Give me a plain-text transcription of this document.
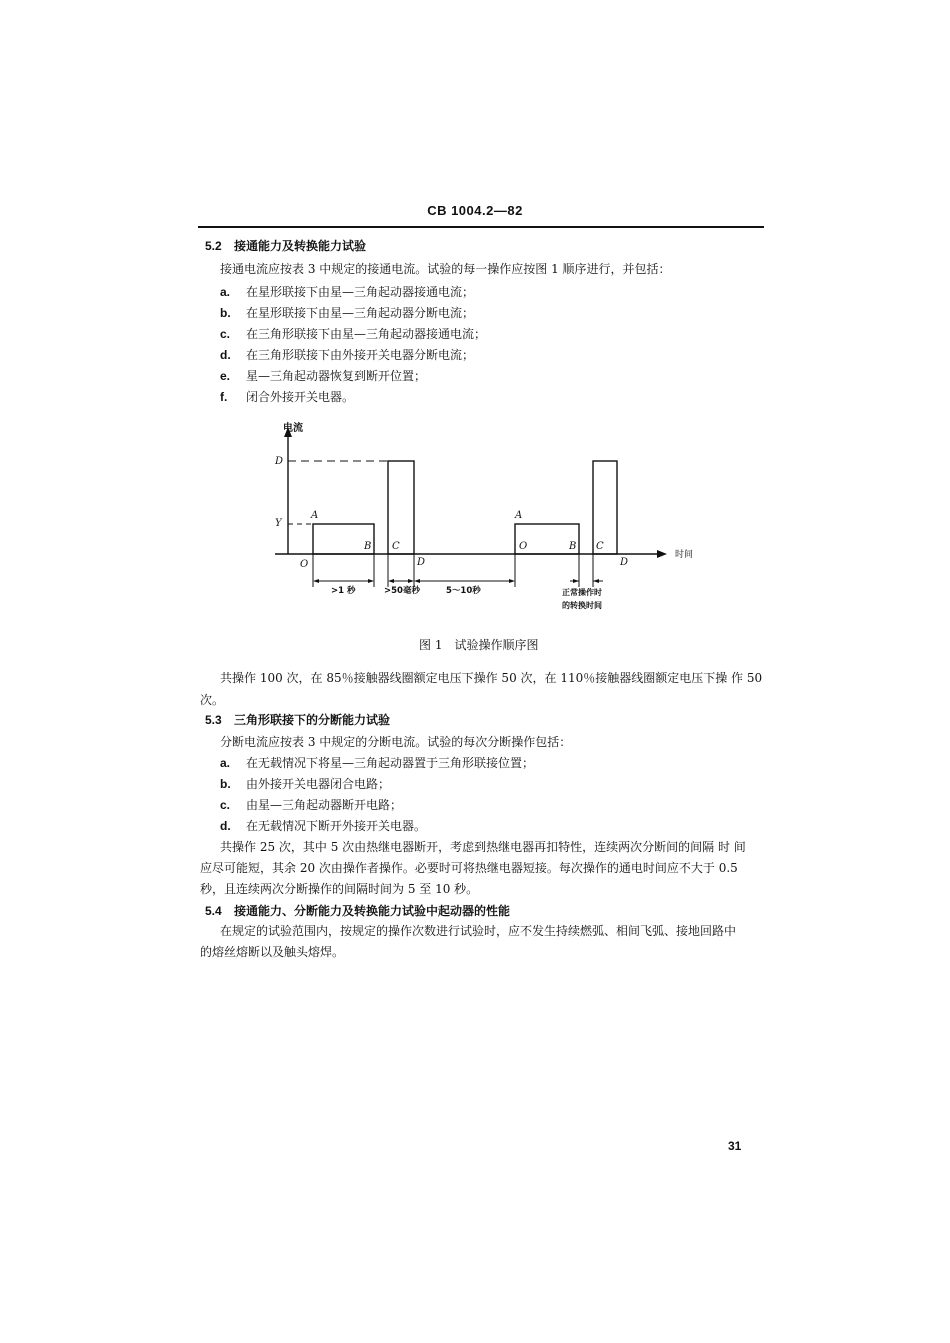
CB 1004.2—82
5.2 接通能力及转换能力试验
接通电流应按表 3 中规定的接通电流。试验的每一操作应按图 1 顺序进行，并包括：
a. 在星形联接下由星—三角起动器接通电流；
b. 在星形联接下由星—三角起动器分断电流；
c. 在三角形联接下由星—三角起动器接通电流；
d. 在三角形联接下由外接开关电器分断电流；
e. 星—三角起动器恢复到断开位置；
f. 闭合外接开关电器。
电流
时间
D
Y
A
O
B C
D
A
O	B C
D
>1 秒	>50毫秒	5～10秒	正常操作时
的转换时间
图 1　试验操作顺序图
共操作 100 次，在 85％接触器线圈额定电压下操作 50 次，在 110％接触器线圈额定电压下操 作 50
次。
5.3 三角形联接下的分断能力试验
分断电流应按表 3 中规定的分断电流。试验的每次分断操作包括：
a. 在无载情况下将星—三角起动器置于三角形联接位置；
b. 由外接开关电器闭合电路；
c. 由星—三角起动器断开电路；
d. 在无载情况下断开外接开关电器。
共操作 25 次，其中 5 次由热继电器断开，考虑到热继电器再扣特性，连续两次分断间的间隔 时 间
应尽可能短，其余 20 次由操作者操作。必要时可将热继电器短接。每次操作的通电时间应不大于 0.5
秒，且连续两次分断操作的间隔时间为 5 至 10 秒。
5.4 接通能力、分断能力及转换能力试验中起动器的性能
在规定的试验范围内，按规定的操作次数进行试验时，应不发生持续燃弧、相间飞弧、接地回路中
的熔丝熔断以及触头熔焊。
31
